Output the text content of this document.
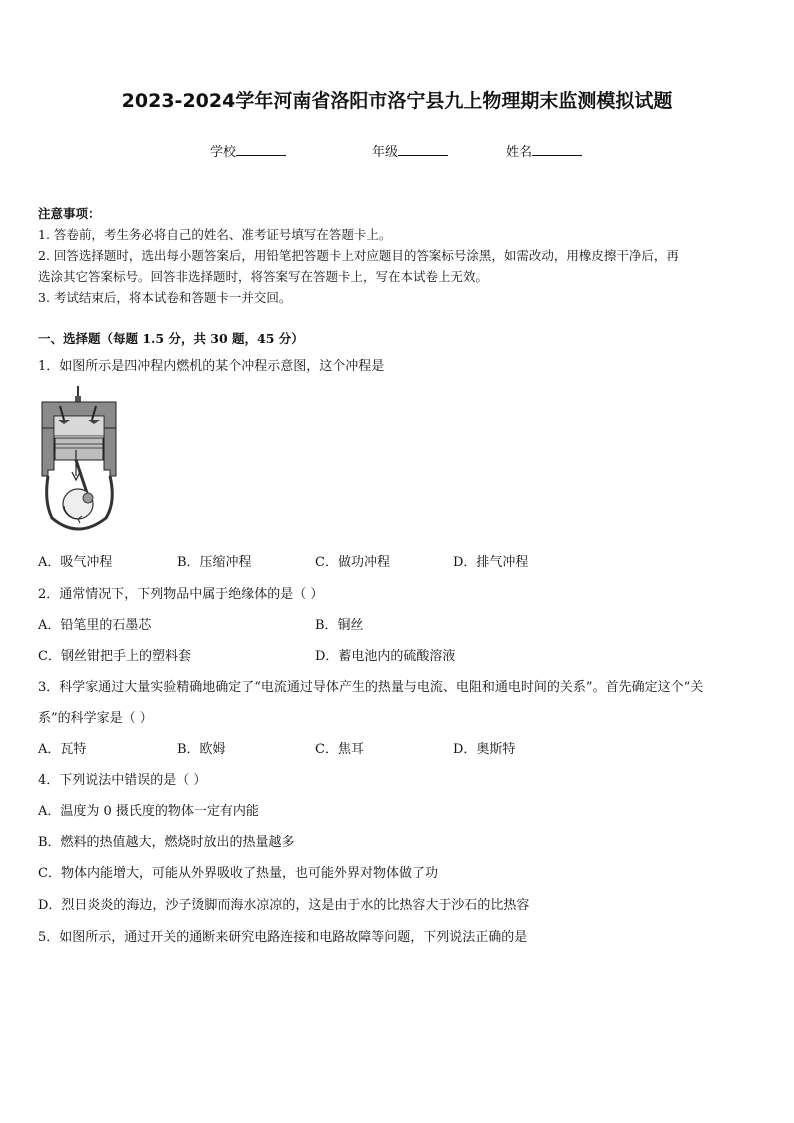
2023-2024学年河南省洛阳市洛宁县九上物理期末监测模拟试题
学校	年级	姓名
注意事项：
1. 答卷前，考生务必将自己的姓名、准考证号填写在答题卡上。
2. 回答选择题时，选出每小题答案后，用铅笔把答题卡上对应题目的答案标号涂黑，如需改动，用橡皮擦干净后，再
选涂其它答案标号。回答非选择题时，将答案写在答题卡上，写在本试卷上无效。
3. 考试结束后，将本试卷和答题卡一并交回。
一、选择题（每题 1.5 分，共 30 题，45 分）
1．如图所示是四冲程内燃机的某个冲程示意图，这个冲程是
A．吸气冲程	B．压缩冲程	C．做功冲程	D．排气冲程
2．通常情况下，下列物品中属于绝缘体的是（ ）
A．铅笔里的石墨芯	B．铜丝
C．钢丝钳把手上的塑料套	D．蓄电池内的硫酸溶液
3．科学家通过大量实验精确地确定了“电流通过导体产生的热量与电流、电阻和通电时间的关系”。首先确定这个“关
系”的科学家是（ ）
A．瓦特	B．欧姆	C．焦耳	D．奥斯特
4．下列说法中错误的是（ ）
A．温度为 0 摄氏度的物体一定有内能
B．燃料的热值越大，燃烧时放出的热量越多
C．物体内能增大，可能从外界吸收了热量，也可能外界对物体做了功
D．烈日炎炎的海边，沙子烫脚而海水凉凉的，这是由于水的比热容大于沙石的比热容
5．如图所示，通过开关的通断来研究电路连接和电路故障等问题，下列说法正确的是
